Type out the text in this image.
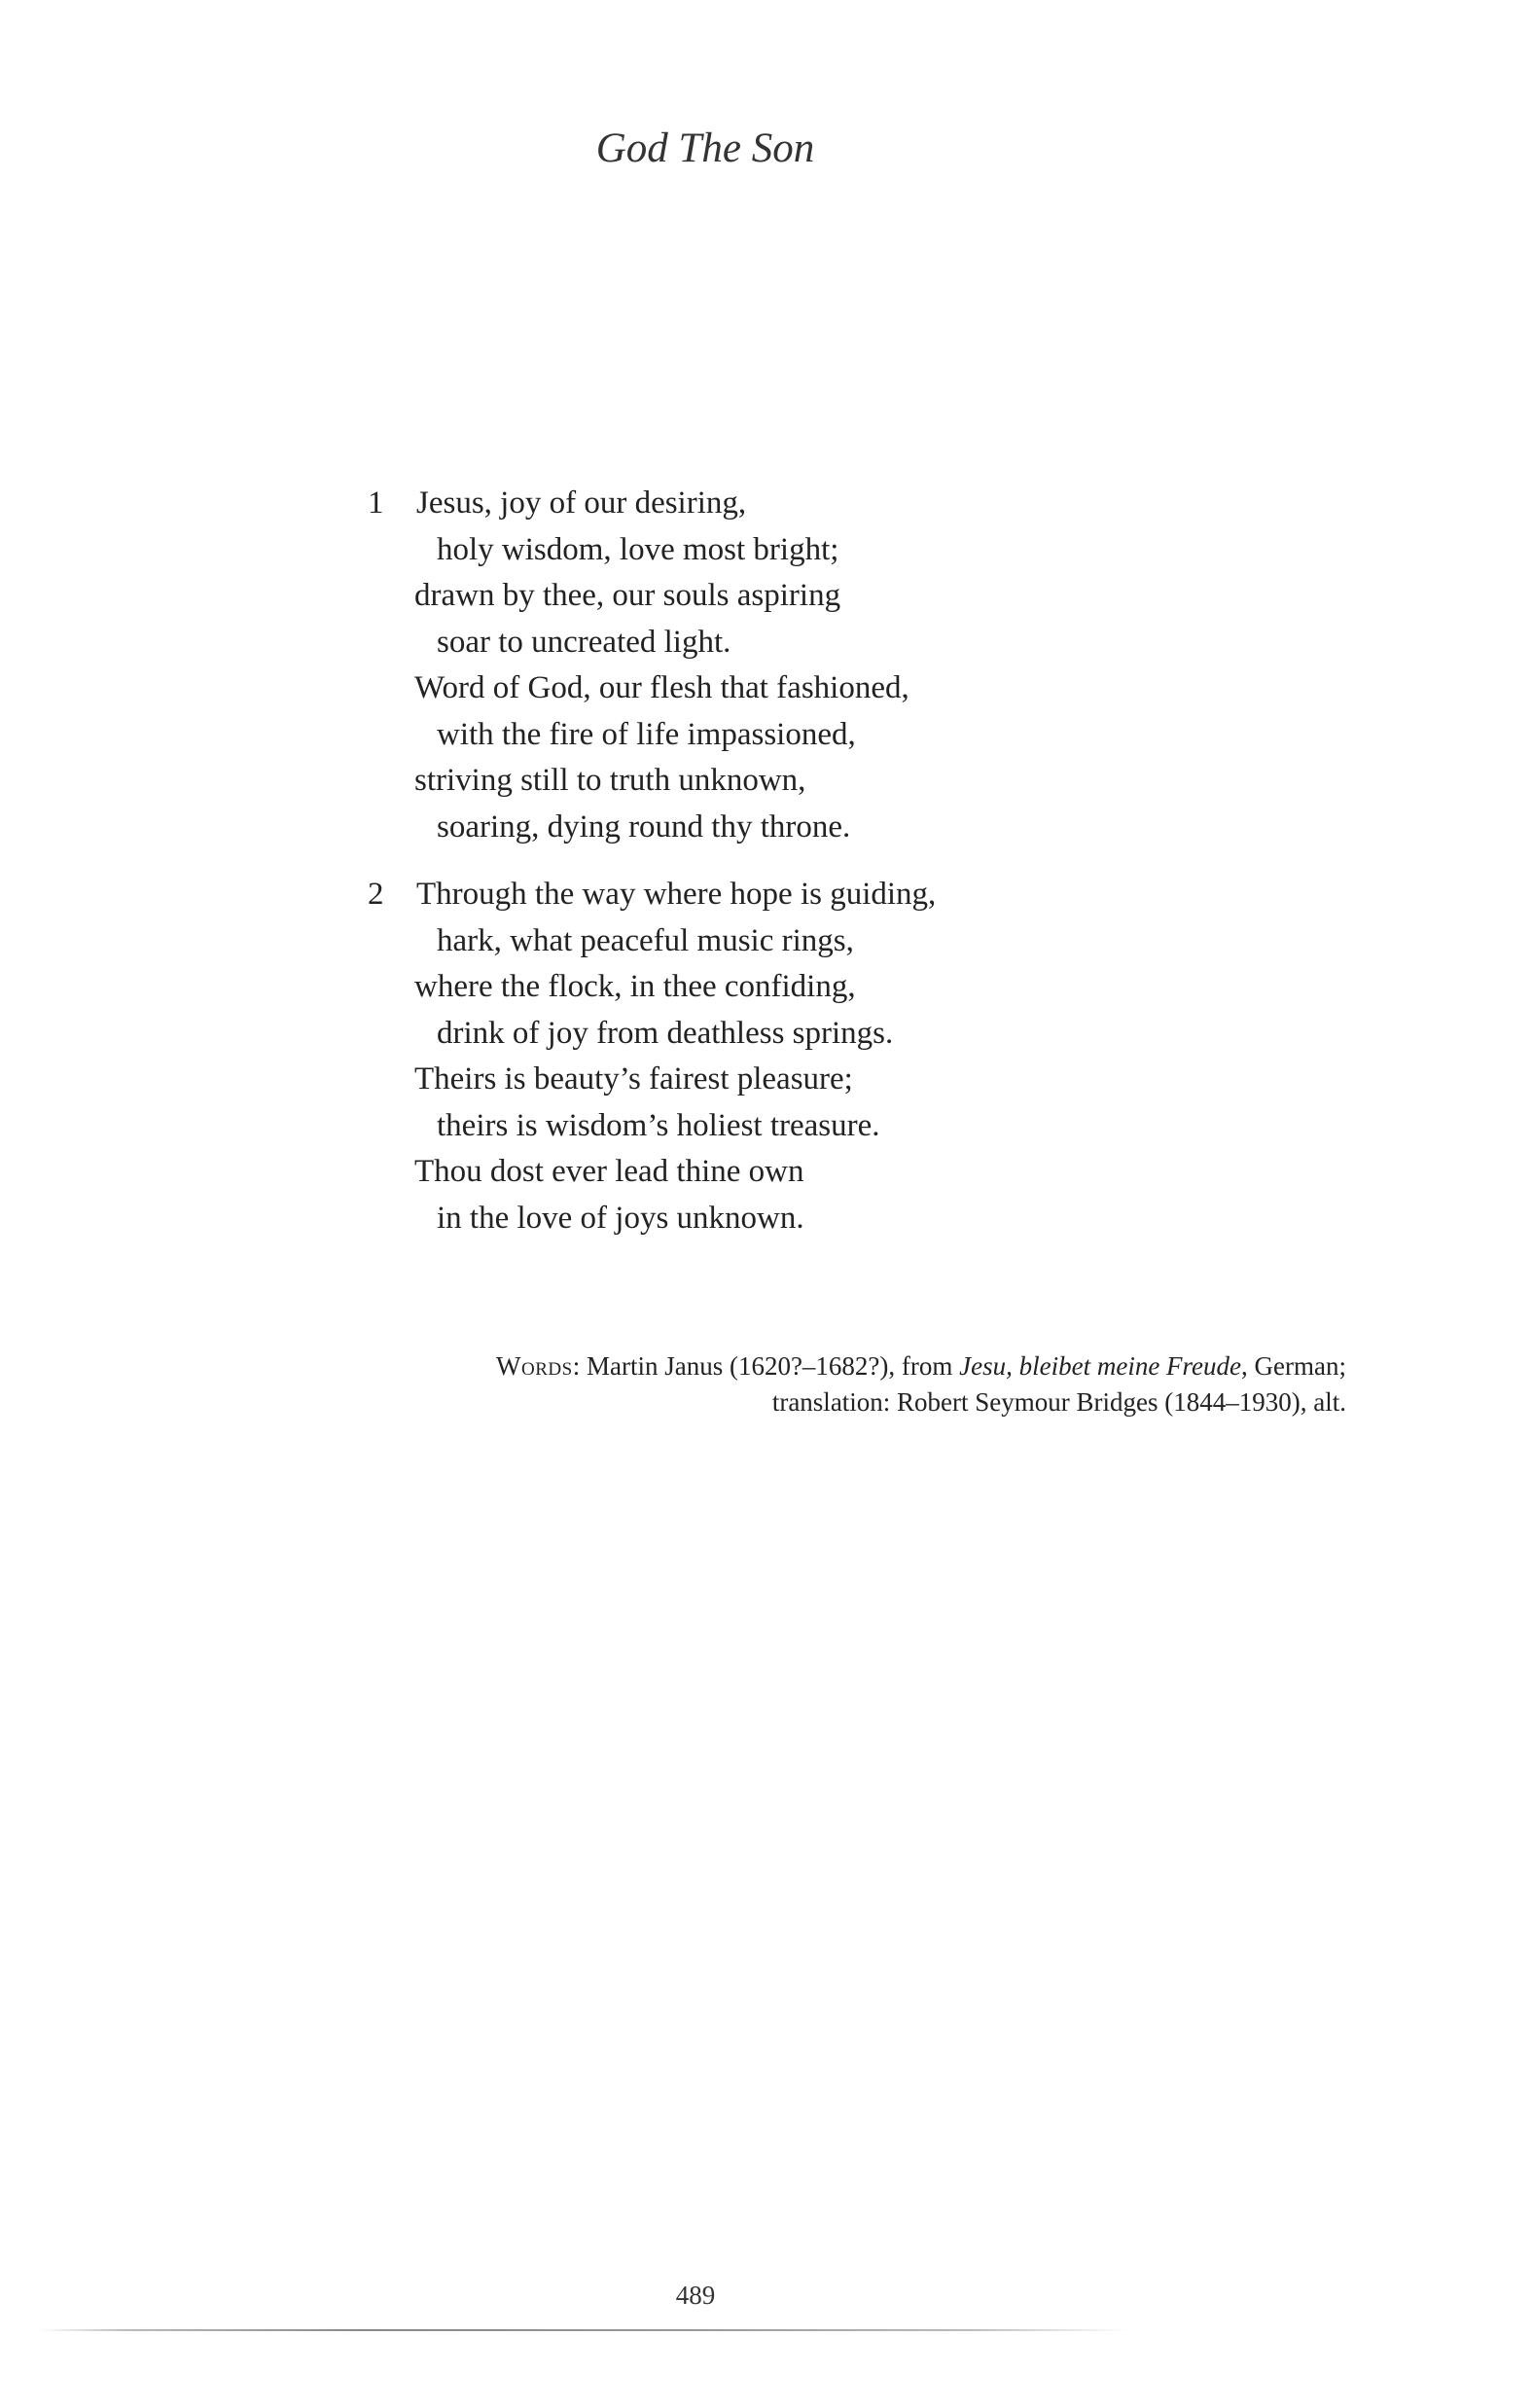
God The Son
1	Jesus, joy of our desiring,
holy wisdom, love most bright;
drawn by thee, our souls aspiring
soar to uncreated light.
Word of God, our flesh that fashioned,
with the fire of life impassioned,
striving still to truth unknown,
soaring, dying round thy throne.
2	Through the way where hope is guiding,
hark, what peaceful music rings,
where the flock, in thee confiding,
drink of joy from deathless springs.
Theirs is beauty’s fairest pleasure;
theirs is wisdom’s holiest treasure.
Thou dost ever lead thine own
in the love of joys unknown.
Words: Martin Janus (1620?–1682?), from Jesu, bleibet meine Freude, German;
translation: Robert Seymour Bridges (1844–1930), alt.
489
